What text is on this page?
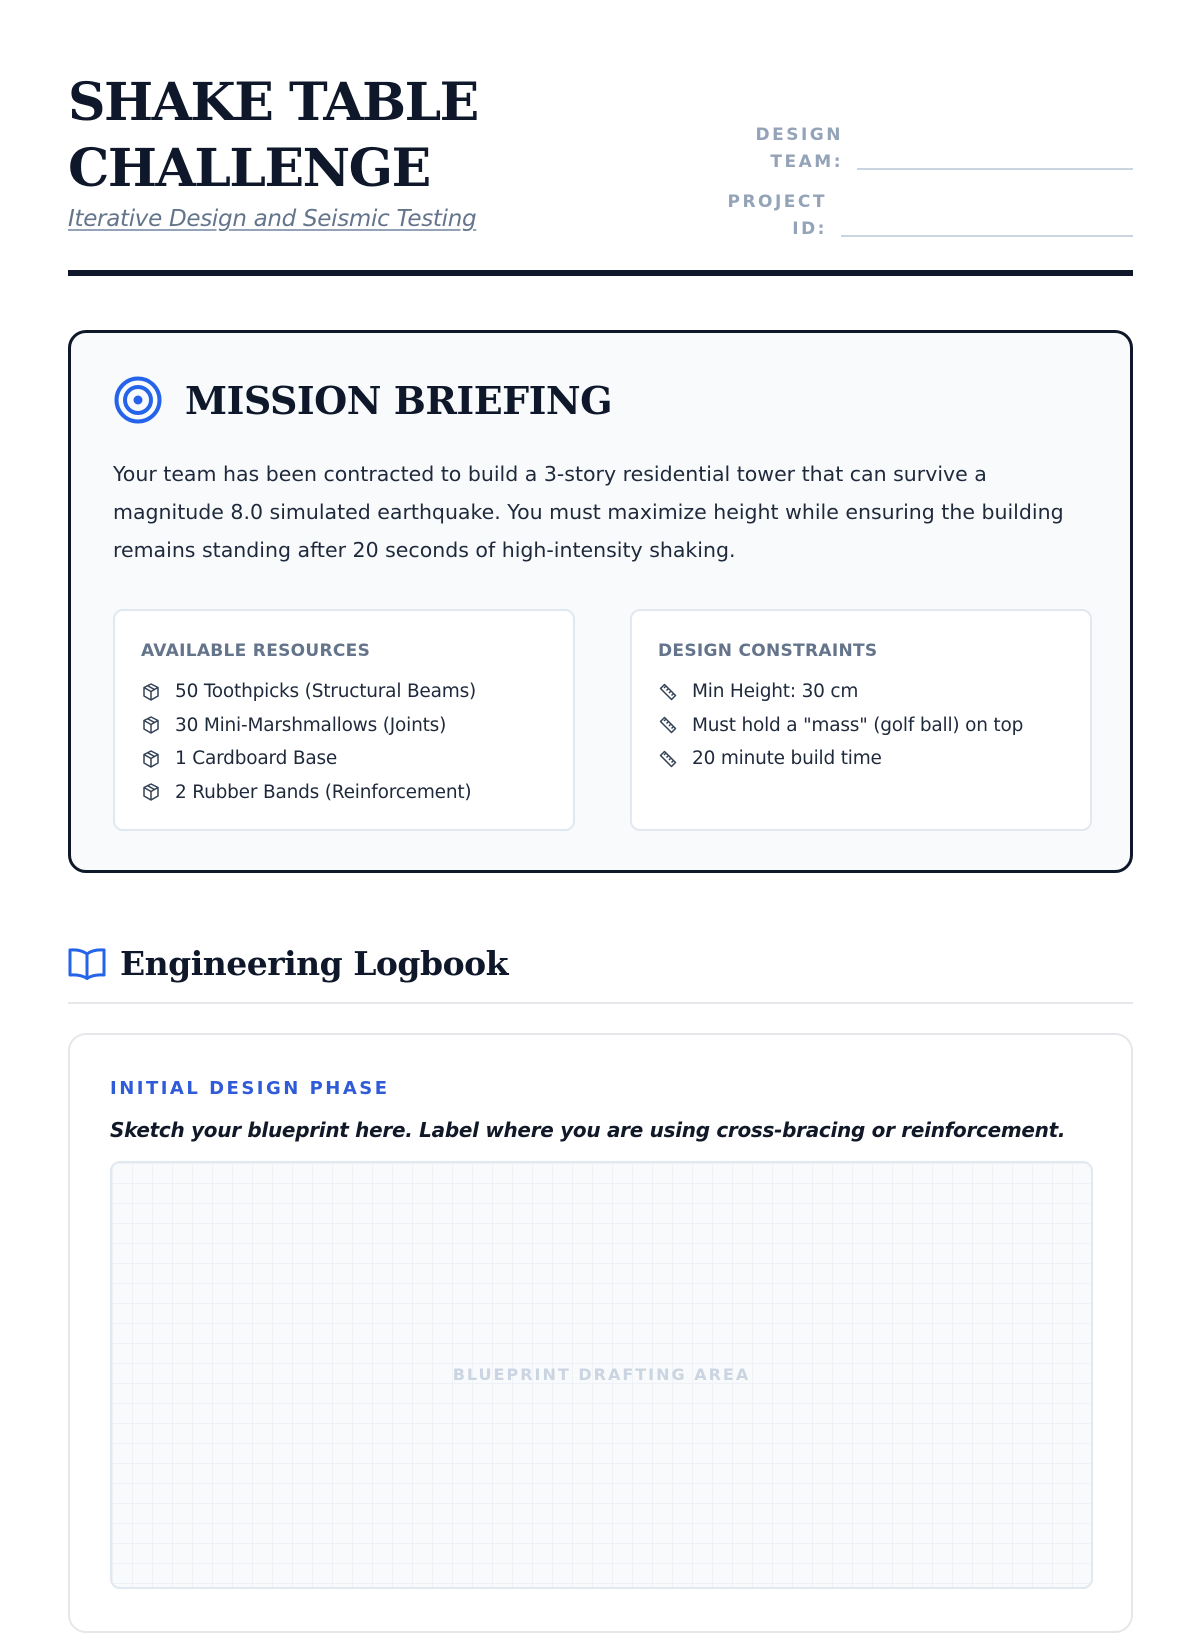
SHAKE TABLE
CHALLENGE
Iterative Design and Seismic Testing
DESIGN
TEAM:
PROJECT
ID:
MISSION BRIEFING

Your team has been contracted to build a 3-story residential tower that can survive a magnitude 8.0 simulated earthquake. You must maximize height while ensuring the building remains standing after 20 seconds of high-intensity shaking.

AVAILABLE RESOURCES
50 Toothpicks (Structural Beams)
30 Mini-Marshmallows (Joints)
1 Cardboard Base
2 Rubber Bands (Reinforcement)
DESIGN CONSTRAINTS
Min Height: 30 cm
Must hold a "mass" (golf ball) on top
20 minute build time
Engineering Logbook
INITIAL DESIGN PHASE
Sketch your blueprint here. Label where you are using cross-bracing or reinforcement.
BLUEPRINT DRAFTING AREA
